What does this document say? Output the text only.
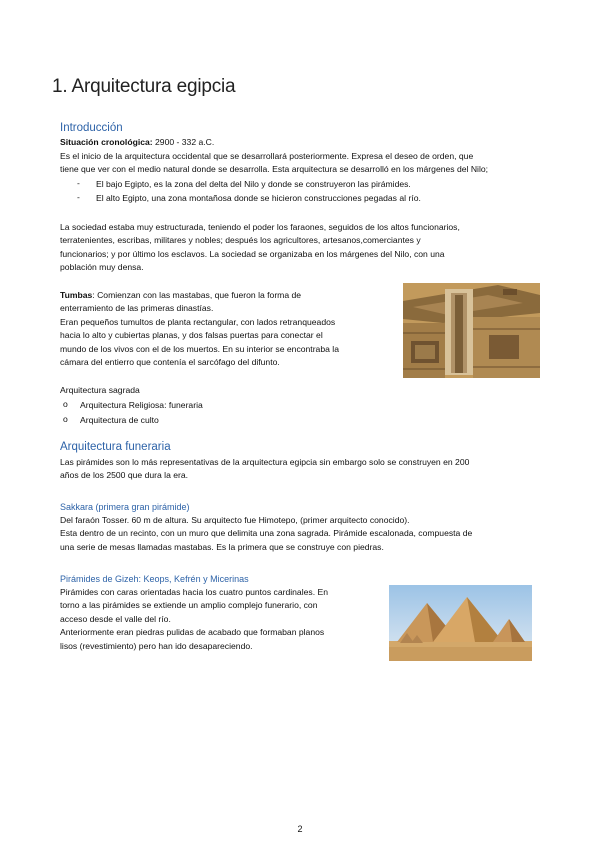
1. Arquitectura egipcia
Introducción
Situación cronológica: 2900 - 332 a.C.
Es el inicio de la arquitectura occidental que se desarrollará posteriormente. Expresa el deseo de orden, que
tiene que ver con el medio natural donde se desarrolla. Esta arquitectura se desarrolló en los márgenes del Nilo;
- El bajo Egipto, es la zona del delta del Nilo y donde se construyeron las pirámides.
- El alto Egipto, una zona montañosa donde se hicieron construcciones pegadas al río.
La sociedad estaba muy estructurada, teniendo el poder los faraones, seguidos de los altos funcionarios,
terratenientes, escribas, militares y nobles; después los agricultores, artesanos,comerciantes y
funcionarios; y por último los esclavos. La sociedad se organizaba en los márgenes del Nilo, con una
población muy densa.
Tumbas: Comienzan con las mastabas, que fueron la forma de
enterramiento de las primeras dinastías.
Eran pequeños tumultos de planta rectangular, con lados retranqueados
hacia lo alto y cubiertas planas, y dos falsas puertas para conectar el
mundo de los vivos con el de los muertos. En su interior se encontraba la
cámara del entierro que contenía el sarcófago del difunto.
Arquitectura sagrada
o Arquitectura Religiosa: funeraria
o Arquitectura de culto
Arquitectura funeraria
Las pirámides son lo más representativas de la arquitectura egipcia sin embargo solo se construyen en 200
años de los 2500 que dura la era.
Sakkara (primera gran pirámide)
Del faraón Tosser. 60 m de altura. Su arquitecto fue Himotepo, (primer arquitecto conocido).
Esta dentro de un recinto, con un muro que delimita una zona sagrada. Pirámide escalonada, compuesta de
una serie de mesas llamadas mastabas. Es la primera que se construye con piedras.
Pirámides de Gizeh: Keops, Kefrén y Micerinas
Pirámides con caras orientadas hacia los cuatro puntos cardinales. En
torno a las pirámides se extiende un amplio complejo funerario, con
acceso desde el valle del río.
Anteriormente eran piedras pulidas de acabado que formaban planos
lisos (revestimiento) pero han ido desapareciendo.
2
